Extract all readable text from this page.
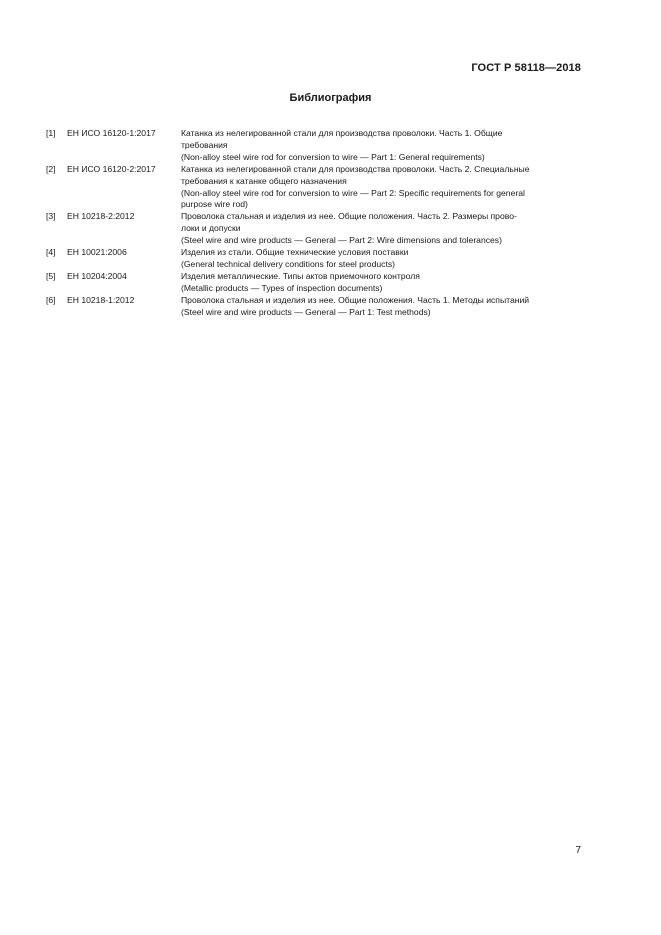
ГОСТ Р 58118—2018
Библиография
[1]	ЕН ИСО 16120-1:2017	Катанка из нелегированной стали для производства проволоки. Часть 1. Общие
требования
(Non-alloy steel wire rod for conversion to wire — Part 1: General requirements)
[2]	ЕН ИСО 16120-2:2017	Катанка из нелегированной стали для производства проволоки. Часть 2. Специальные
требования к катанке общего назначения
(Non-alloy steel wire rod for conversion to wire — Part 2: Specific requirements for general
purpose wire rod)
[3]	ЕН 10218-2:2012	Проволока стальная и изделия из нее. Общие положения. Часть 2. Размеры прово-
локи и допуски
(Steel wire and wire products — General — Part 2: Wire dimensions and tolerances)
[4]	ЕН 10021:2006	Изделия из стали. Общие технические условия поставки
(General technical delivery conditions for steel products)
[5]	ЕН 10204:2004	Изделия металлические. Типы актов приемочного контроля
(Metallic products — Types of inspection documents)
[6]	ЕН 10218-1:2012	Проволока стальная и изделия из нее. Общие положения. Часть 1. Методы испытаний
(Steel wire and wire products — General — Part 1: Test methods)
7
